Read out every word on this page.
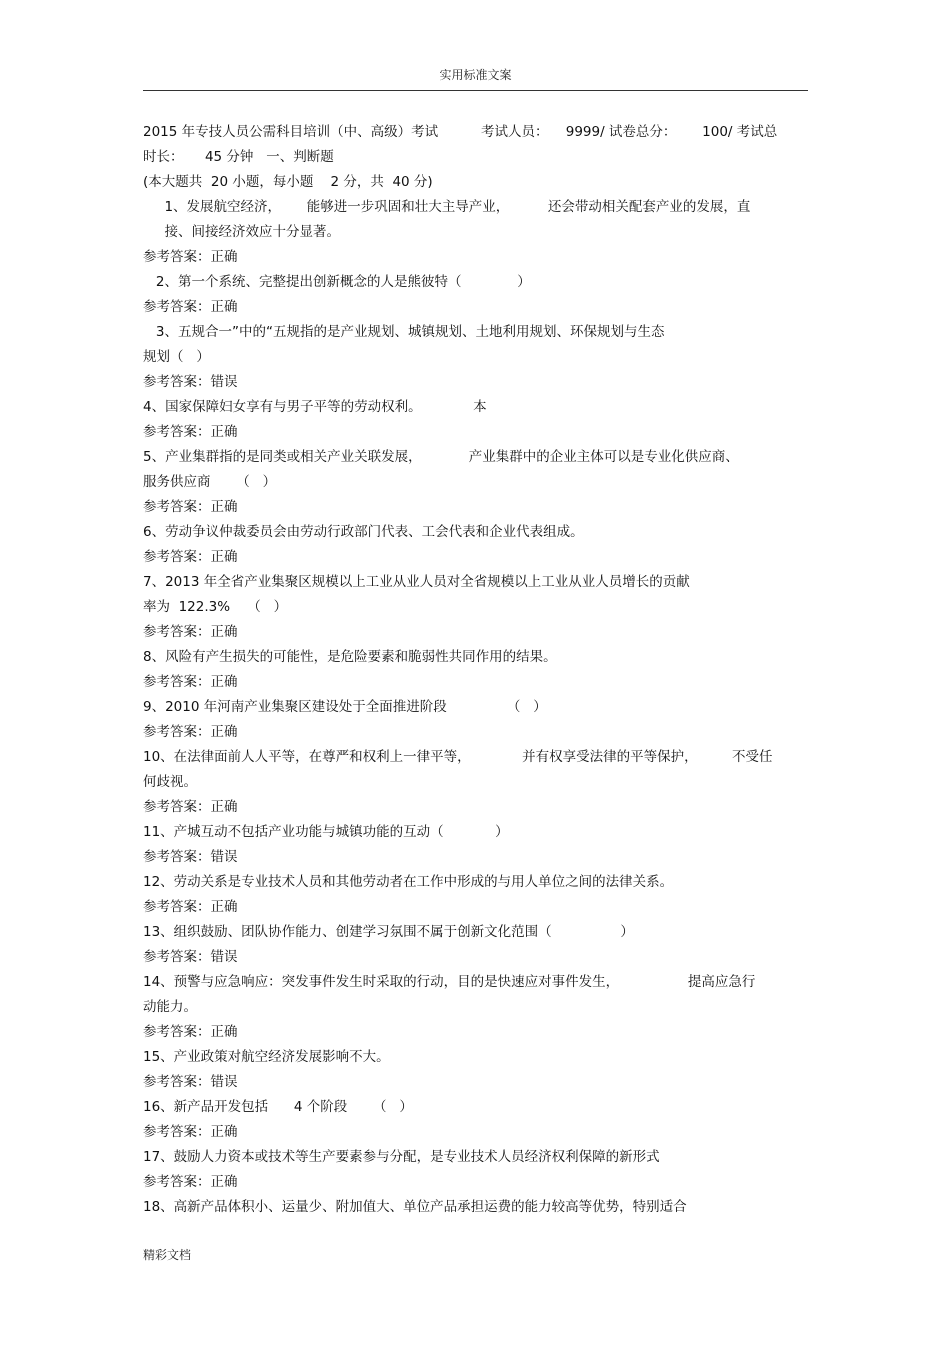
实用标准文案
2015 年专技人员公需科目培训（中、高级）考试          考试人员：    9999/ 试卷总分：      100/ 考试总
时长：     45 分钟   一、判断题
(本大题共  20 小题，每小题    2 分，共  40 分)
1、发展航空经济，      能够进一步巩固和壮大主导产业，         还会带动相关配套产业的发展，直
接、间接经济效应十分显著。
参考答案：正确
2、第一个系统、完整提出创新概念的人是熊彼特（             ）
参考答案：正确
3、五规合一”中的“五规指的是产业规划、城镇规划、土地利用规划、环保规划与生态
规划（   ）
参考答案：错误
4、国家保障妇女享有与男子平等的劳动权利。            本
参考答案：正确
5、产业集群指的是同类或相关产业关联发展，           产业集群中的企业主体可以是专业化供应商、
服务供应商      （   ）
参考答案：正确
6、劳动争议仲裁委员会由劳动行政部门代表、工会代表和企业代表组成。
参考答案：正确
7、2013 年全省产业集聚区规模以上工业从业人员对全省规模以上工业从业人员增长的贡献
率为  122.3%    （   ）
参考答案：正确
8、风险有产生损失的可能性，是危险要素和脆弱性共同作用的结果。
参考答案：正确
9、2010 年河南产业集聚区建设处于全面推进阶段              （   ）
参考答案：正确
10、在法律面前人人平等，在尊严和权利上一律平等，            并有权享受法律的平等保护，        不受任
何歧视。
参考答案：正确
11、产城互动不包括产业功能与城镇功能的互动（            ）
参考答案：错误
12、劳动关系是专业技术人员和其他劳动者在工作中形成的与用人单位之间的法律关系。
参考答案：正确
13、组织鼓励、团队协作能力、创建学习氛围不属于创新文化范围（                ）
参考答案：错误
14、预警与应急响应：突发事件发生时采取的行动，目的是快速应对事件发生，                提高应急行
动能力。
参考答案：正确
15、产业政策对航空经济发展影响不大。
参考答案：错误
16、新产品开发包括      4 个阶段      （   ）
参考答案：正确
17、鼓励人力资本或技术等生产要素参与分配，是专业技术人员经济权利保障的新形式
参考答案：正确
18、高新产品体积小、运量少、附加值大、单位产品承担运费的能力较高等优势，特别适合
精彩文档
